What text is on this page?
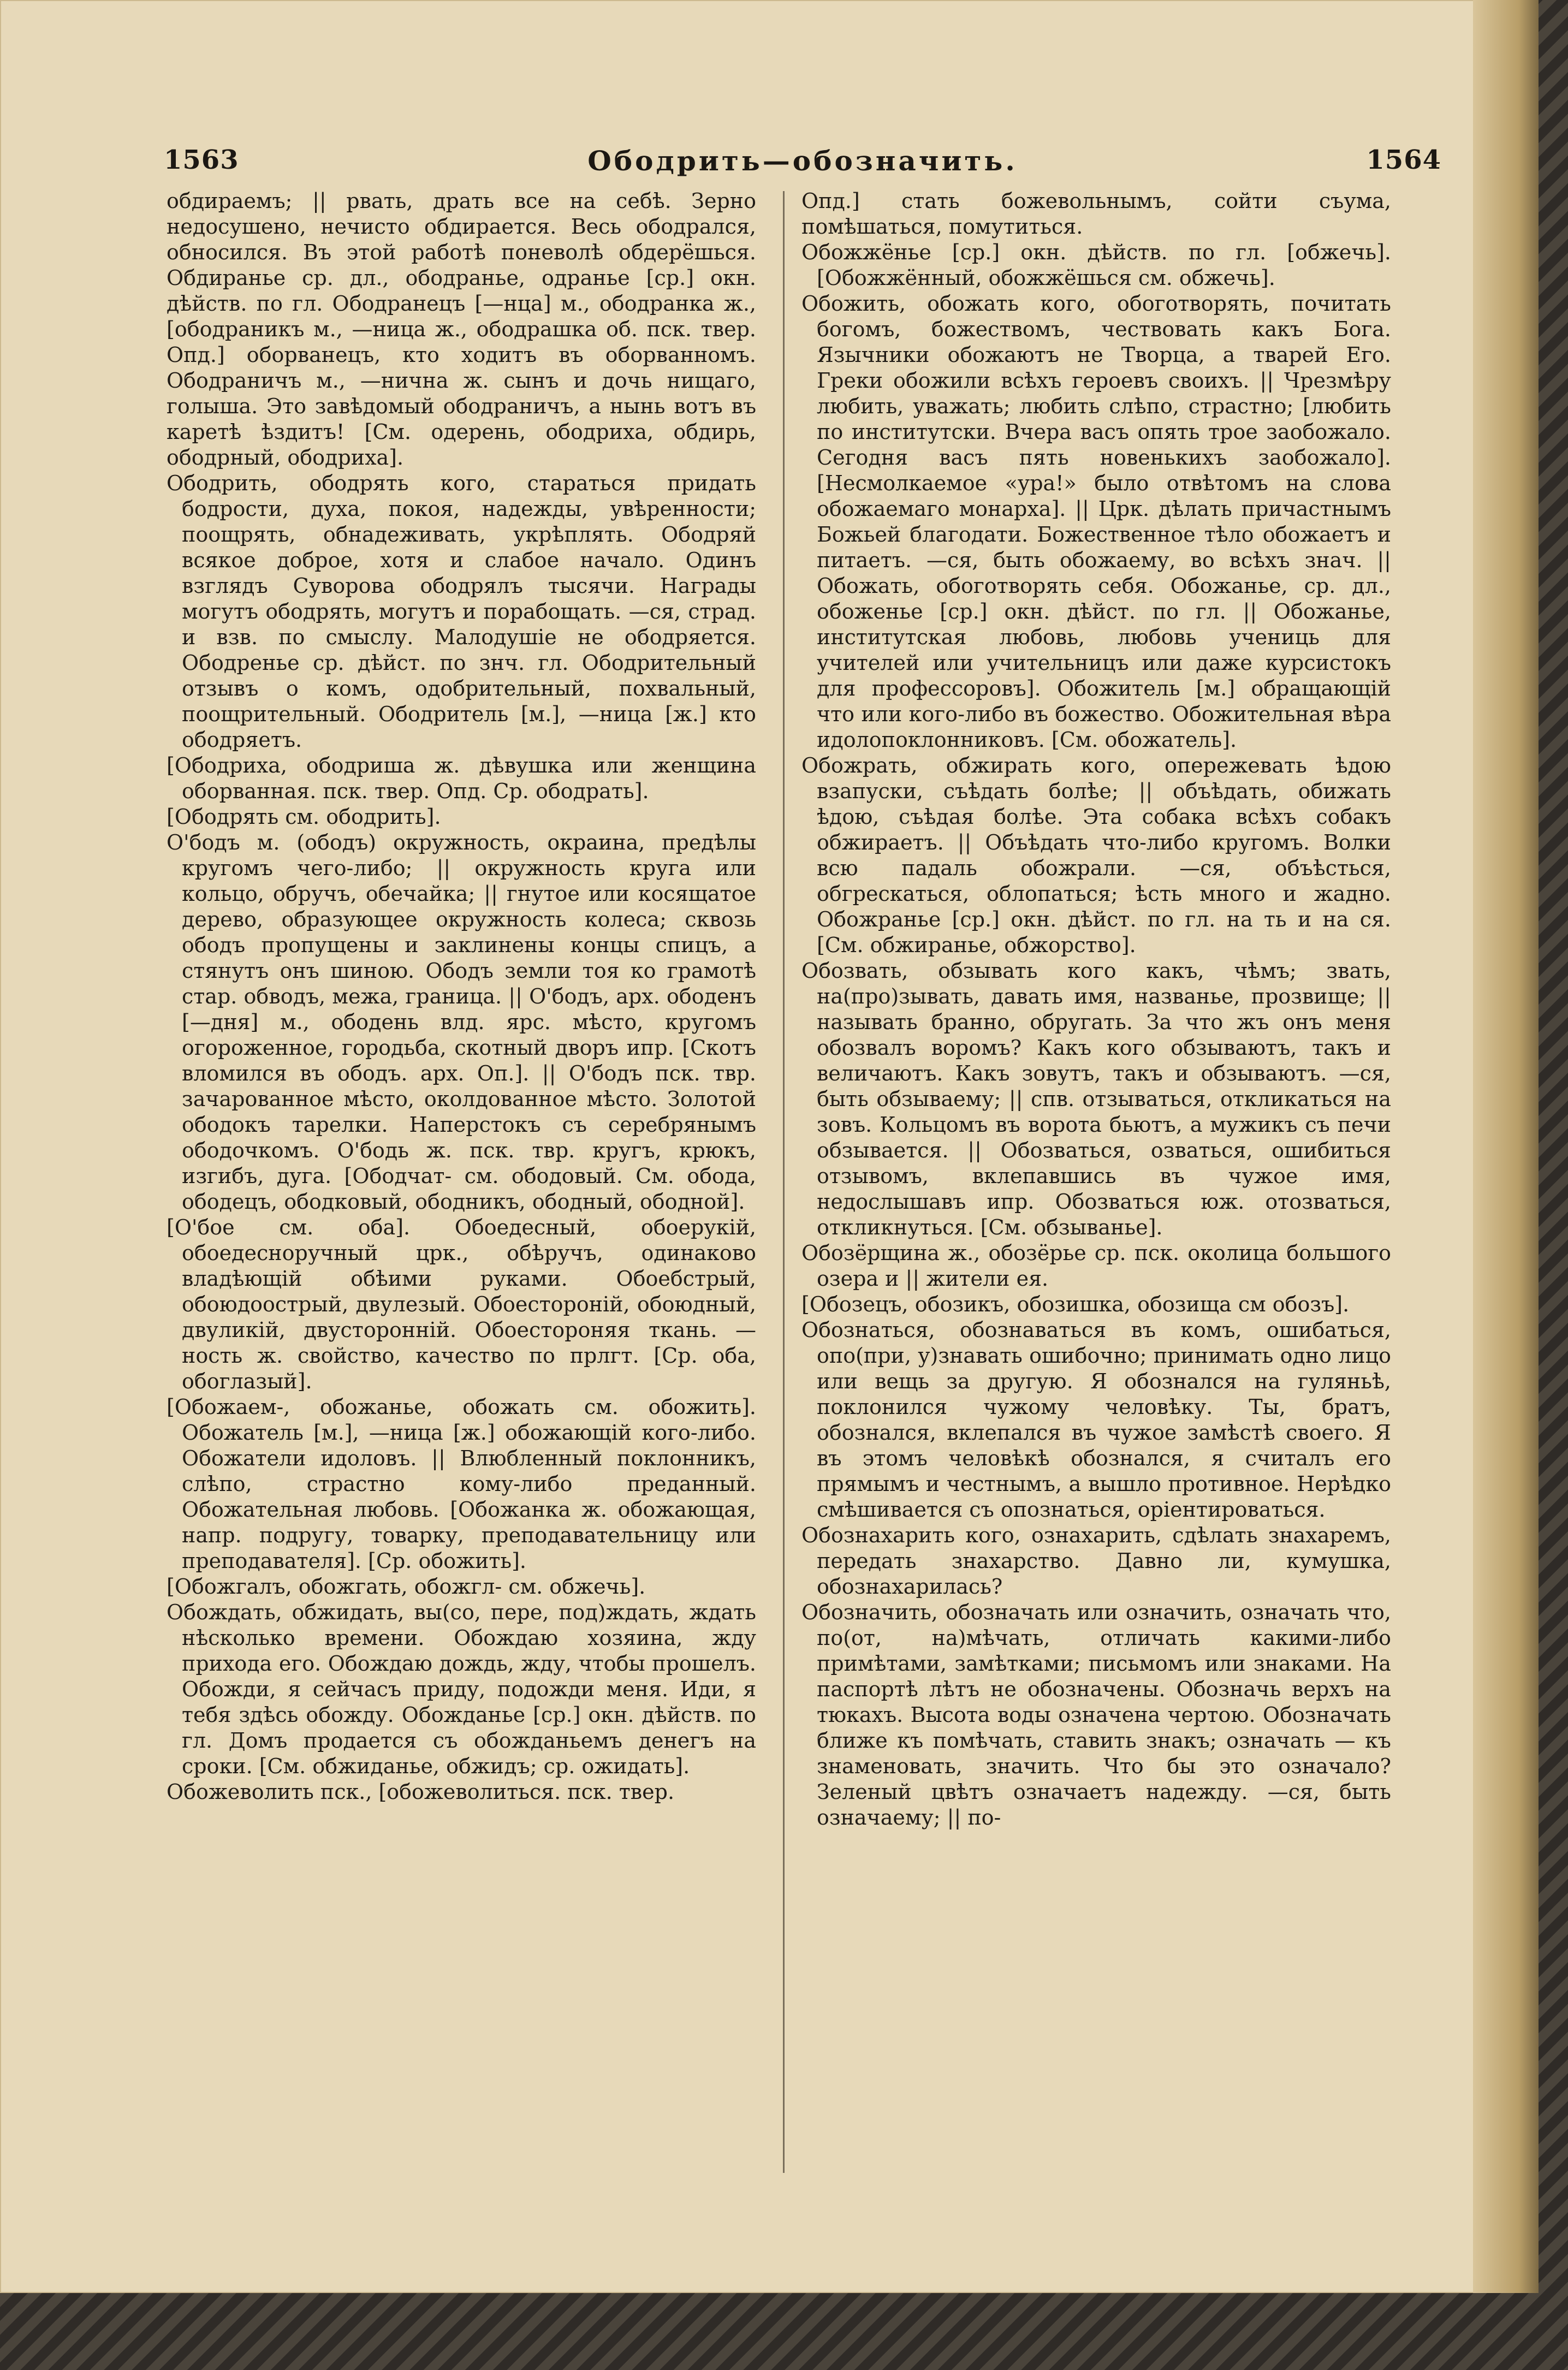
1563	Ободрить—обозначить.	1564

обдираемъ; || рвать, драть все на себѣ. Зерно недосушено, нечисто обдирается. Весь ободрался, обносился. Въ этой работѣ поневолѣ обдерёшься. Обдиранье ср. дл., ободранье, одранье [ср.] окн. дѣйств. по гл. Ободранецъ [—нца] м., ободранка ж., [ободраникъ м., —ница ж., ободрашка об. пск. твер. Опд.] оборванецъ, кто ходитъ въ оборванномъ. Ободраничъ м., —нична ж. сынъ и дочь нищаго, голыша. Это завѣдомый ободраничъ, а нынь вотъ въ каретѣ ѣздитъ! [См. одерень, ободриха, обдирь, ободрный, ободриха].

Ободрить, ободрять кого, стараться придать бодрости, духа, покоя, надежды, увѣренности; поощрять, обнадеживать, укрѣплять. Ободряй всякое доброе, хотя и слабое начало. Одинъ взглядъ Суворова ободрялъ тысячи. Награды могутъ ободрять, могутъ и порабощать. —ся, страд. и взв. по смыслу. Малодушіе не ободряется. Ободренье ср. дѣйст. по знч. гл. Ободрительный отзывъ о комъ, одобрительный, похвальный, поощрительный. Ободритель [м.], —ница [ж.] кто ободряетъ.

[Ободриха, ободриша ж. дѣвушка или женщина оборванная. пск. твер. Опд. Ср. ободрать].

[Ободрять см. ободрить].

О'бодъ м. (ободъ) окружность, окраина, предѣлы кругомъ чего-либо; || окружность круга или кольцо, обручъ, обечайка; || гнутое или косящатое дерево, образующее окружность колеса; сквозь ободъ пропущены и заклинены концы спицъ, а стянутъ онъ шиною. Ободъ земли тоя ко грамотѣ стар. обводъ, межа, граница. || О'бодъ, арх. ободенъ [—дня] м., ободень влд. ярс. мѣсто, кругомъ огороженное, городьба, скотный дворъ ипр. [Скотъ вломился въ ободъ. арх. Оп.]. || О'бодъ пск. твр. зачарованное мѣсто, околдованное мѣсто. Золотой ободокъ тарелки. Наперстокъ съ серебрянымъ ободочкомъ. О'бодь ж. пск. твр. кругъ, крюкъ, изгибъ, дуга. [Ободчат- см. ободовый. См. обода, ободецъ, ободковый, ободникъ, ободный, ободной].

[О'бое см. оба]. Обоедесный, обоерукій, обоедесноручный црк., обѣручъ, одинаково владѣющій обѣими руками. Обоебстрый, обоюдоострый, двулезый. Обоестороній, обоюдный, двуликій, двусторонній. Обоестороняя ткань. —ность ж. свойство, качество по прлгт. [Ср. оба, обоглазый].

[Обожаем-, обожанье, обожать см. обожить]. Обожатель [м.], —ница [ж.] обожающій кого-либо. Обожатели идоловъ. || Влюбленный поклонникъ, слѣпо, страстно кому-либо преданный. Обожательная любовь. [Обожанка ж. обожающая, напр. подругу, товарку, преподавательницу или преподавателя]. [Ср. обожить].

[Обожгалъ, обожгать, обожгл- см. обжечь].

Обождать, обжидать, вы(со, пере, под)ждать, ждать нѣсколько времени. Обождаю хозяина, жду прихода его. Обождаю дождь, жду, чтобы прошелъ. Обожди, я сейчасъ приду, подожди меня. Иди, я тебя здѣсь обожду. Обожданье [ср.] окн. дѣйств. по гл. Домъ продается съ обожданьемъ денегъ на сроки. [См. обжиданье, обжидъ; ср. ожидать].

Обожеволить пск., [обожеволиться. пск. твер.

Опд.] стать божевольнымъ, сойти съума, помѣшаться, помутиться.

Обожжёнье [ср.] окн. дѣйств. по гл. [обжечь]. [Обожжённый, обожжёшься см. обжечь].

Обожить, обожать кого, обоготворять, почитать богомъ, божествомъ, чествовать какъ Бога. Язычники обожаютъ не Творца, а тварей Его. Греки обожили всѣхъ героевъ своихъ. || Чрезмѣру любить, уважать; любить слѣпо, страстно; [любить по институтски. Вчера васъ опять трое заобожало. Сегодня васъ пять новенькихъ заобожало]. [Несмолкаемое «ура!» было отвѣтомъ на слова обожаемаго монарха]. || Црк. дѣлать причастнымъ Божьей благодати. Божественное тѣло обожаетъ и питаетъ. —ся, быть обожаему, во всѣхъ знач. || Обожать, обоготворять себя. Обожанье, ср. дл., обоженье [ср.] окн. дѣйст. по гл. || Обожанье, институтская любовь, любовь учениць для учителей или учительницъ или даже курсистокъ для профессоровъ]. Обожитель [м.] обращающій что или кого-либо въ божество. Обожительная вѣра идолопоклонниковъ. [См. обожатель].

Обожрать, обжирать кого, опережевать ѣдою взапуски, съѣдать болѣе; || объѣдать, обижать ѣдою, съѣдая болѣе. Эта собака всѣхъ собакъ обжираетъ. || Объѣдать что-либо кругомъ. Волки всю падаль обожрали. —ся, объѣсться, обгрескаться, облопаться; ѣсть много и жадно. Обожранье [ср.] окн. дѣйст. по гл. на ть и на ся. [См. обжиранье, обжорство].

Обозвать, обзывать кого какъ, чѣмъ; звать, на(про)зывать, давать имя, названье, прозвище; || называть бранно, обругать. За что жъ онъ меня обозвалъ воромъ? Какъ кого обзываютъ, такъ и величаютъ. Какъ зовутъ, такъ и обзываютъ. —ся, быть обзываему; || спв. отзываться, откликаться на зовъ. Кольцомъ въ ворота бьютъ, а мужикъ съ печи обзывается. || Обозваться, озваться, ошибиться отзывомъ, вклепавшись въ чужое имя, недослышавъ ипр. Обозваться юж. отозваться, откликнуться. [См. обзыванье].

Обозёрщина ж., обозёрье ср. пск. околица большого озера и || жители ея.

[Обозецъ, обозикъ, обозишка, обозища см обозъ].

Обознаться, обознаваться въ комъ, ошибаться, опо(при, у)знавать ошибочно; принимать одно лицо или вещь за другую. Я обознался на гуляньѣ, поклонился чужому человѣку. Ты, братъ, обознался, вклепался въ чужое замѣстѣ своего. Я въ этомъ человѣкѣ обознался, я считалъ его прямымъ и честнымъ, а вышло противное. Нерѣдко смѣшивается съ опознаться, оріентироваться.

Обознахарить кого, ознахарить, сдѣлать знахаремъ, передать знахарство. Давно ли, кумушка, обознахарилась?

Обозначить, обозначать или означить, означать что, по(от, на)мѣчать, отличать какими-либо примѣтами, замѣтками; письмомъ или знаками. На паспортѣ лѣтъ не обозначены. Обозначь верхъ на тюкахъ. Высота воды означена чертою. Обозначать ближе къ помѣчать, ставить знакъ; означать — къ знаменовать, значить. Что бы это означало? Зеленый цвѣтъ означаетъ надежду. —ся, быть означаему; || по-
